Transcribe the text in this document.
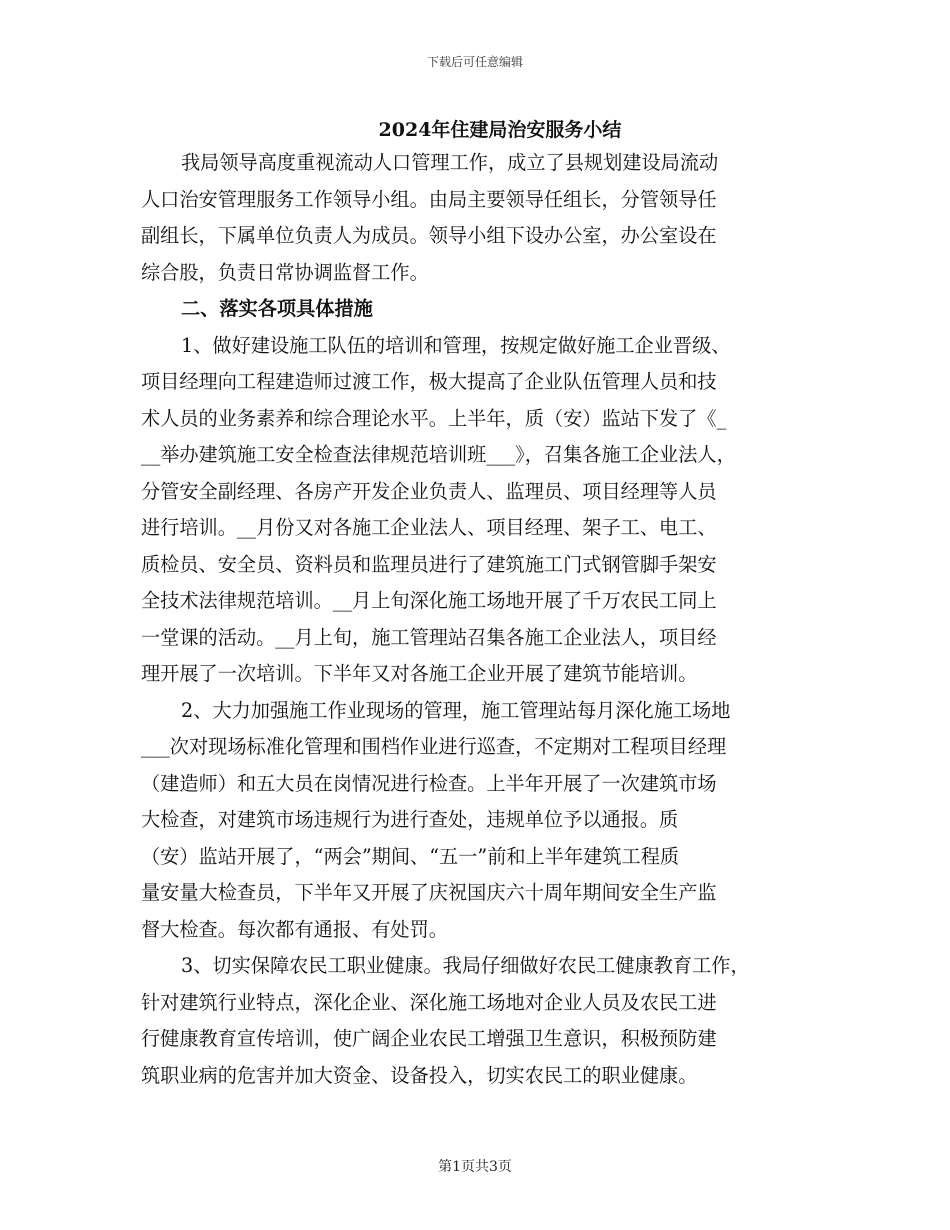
下载后可任意编辑
2024年住建局治安服务小结
我局领导高度重视流动人口管理工作，成立了县规划建设局流动
人口治安管理服务工作领导小组。由局主要领导任组长，分管领导任
副组长，下属单位负责人为成员。领导小组下设办公室，办公室设在
综合股，负责日常协调监督工作。
二、落实各项具体措施
1、做好建设施工队伍的培训和管理，按规定做好施工企业晋级、
项目经理向工程建造师过渡工作，极大提高了企业队伍管理人员和技
术人员的业务素养和综合理论水平。上半年，质（安）监站下发了《_
__举办建筑施工安全检查法律规范培训班___》，召集各施工企业法人，
分管安全副经理、各房产开发企业负责人、监理员、项目经理等人员
进行培训。__月份又对各施工企业法人、项目经理、架子工、电工、
质检员、安全员、资料员和监理员进行了建筑施工门式钢管脚手架安
全技术法律规范培训。__月上旬深化施工场地开展了千万农民工同上
一堂课的活动。__月上旬，施工管理站召集各施工企业法人，项目经
理开展了一次培训。下半年又对各施工企业开展了建筑节能培训。
2、大力加强施工作业现场的管理，施工管理站每月深化施工场地
___次对现场标准化管理和围档作业进行巡查，不定期对工程项目经理
（建造师）和五大员在岗情况进行检查。上半年开展了一次建筑市场
大检查，对建筑市场违规行为进行查处，违规单位予以通报。质
（安）监站开展了，“两会”期间、“五一”前和上半年建筑工程质
量安量大检查员，下半年又开展了庆祝国庆六十周年期间安全生产监
督大检查。每次都有通报、有处罚。
3、切实保障农民工职业健康。我局仔细做好农民工健康教育工作，
针对建筑行业特点，深化企业、深化施工场地对企业人员及农民工进
行健康教育宣传培训，使广阔企业农民工增强卫生意识，积极预防建
筑职业病的危害并加大资金、设备投入，切实农民工的职业健康。
第1页共3页
